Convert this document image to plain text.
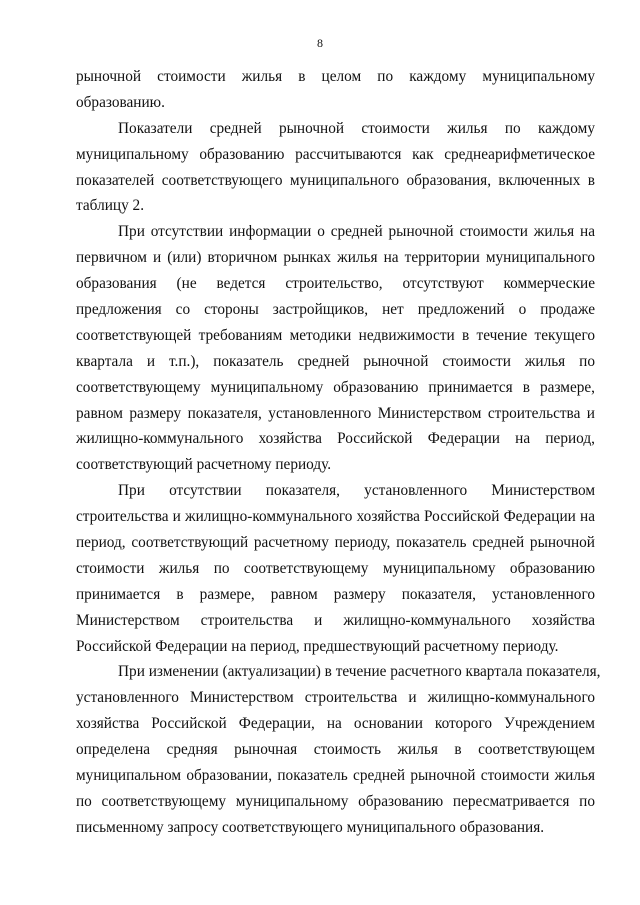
8
рыночной стоимости жилья в целом по каждому муниципальному
образованию.
Показатели средней рыночной стоимости жилья по каждому
муниципальному образованию рассчитываются как среднеарифметическое
показателей соответствующего муниципального образования, включенных в
таблицу 2.
При отсутствии информации о средней рыночной стоимости жилья на
первичном и (или) вторичном рынках жилья на территории муниципального
образования (не ведется строительство, отсутствуют коммерческие
предложения со стороны застройщиков, нет предложений о продаже
соответствующей требованиям методики недвижимости в течение текущего
квартала и т.п.), показатель средней рыночной стоимости жилья по
соответствующему муниципальному образованию принимается в размере,
равном размеру показателя, установленного Министерством строительства и
жилищно-коммунального хозяйства Российской Федерации на период,
соответствующий расчетному периоду.
При отсутствии показателя, установленного Министерством
строительства и жилищно-коммунального хозяйства Российской Федерации на
период, соответствующий расчетному периоду, показатель средней рыночной
стоимости жилья по соответствующему муниципальному образованию
принимается в размере, равном размеру показателя, установленного
Министерством строительства и жилищно-коммунального хозяйства
Российской Федерации на период, предшествующий расчетному периоду.
При изменении (актуализации) в течение расчетного квартала показателя,
установленного Министерством строительства и жилищно-коммунального
хозяйства Российской Федерации, на основании которого Учреждением
определена средняя рыночная стоимость жилья в соответствующем
муниципальном образовании, показатель средней рыночной стоимости жилья
по соответствующему муниципальному образованию пересматривается по
письменному запросу соответствующего муниципального образования.
